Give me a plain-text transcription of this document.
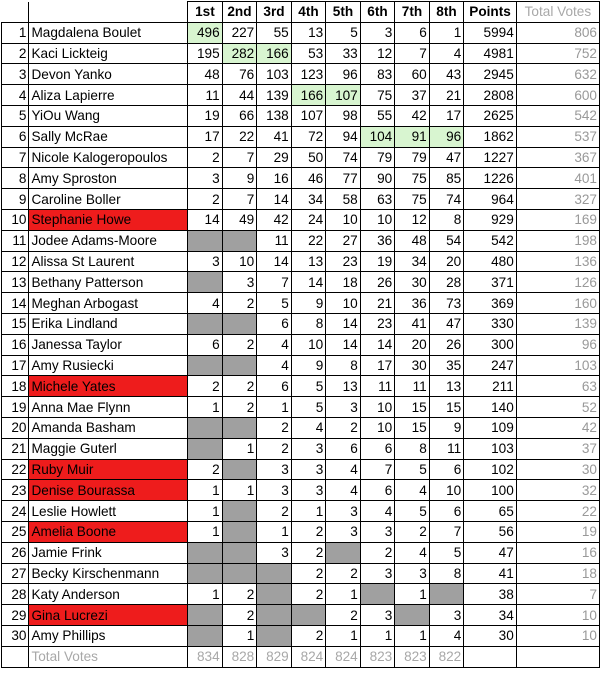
		1st	2nd	3rd	4th	5th	6th	7th	8th	Points	Total Votes
1	Magdalena Boulet	496	227	55	13	5	3	6	1	5994	806
2	Kaci Lickteig	195	282	166	53	33	12	7	4	4981	752
3	Devon Yanko	48	76	103	123	96	83	60	43	2945	632
4	Aliza Lapierre	11	44	139	166	107	75	37	21	2808	600
5	YiOu Wang	19	66	138	107	98	55	42	17	2625	542
6	Sally McRae	17	22	41	72	94	104	91	96	1862	537
7	Nicole Kalogeropoulos	2	7	29	50	74	79	79	47	1227	367
8	Amy Sproston	3	9	16	46	77	90	75	85	1226	401
9	Caroline Boller	2	7	14	34	58	63	75	74	964	327
10	Stephanie Howe	14	49	42	24	10	10	12	8	929	169
11	Jodee Adams-Moore			11	22	27	36	48	54	542	198
12	Alissa St Laurent	3	10	14	13	23	19	34	20	480	136
13	Bethany Patterson		3	7	14	18	26	30	28	371	126
14	Meghan Arbogast	4	2	5	9	10	21	36	73	369	160
15	Erika Lindland			6	8	14	23	41	47	330	139
16	Janessa Taylor	6	2	4	10	14	14	20	26	300	96
17	Amy Rusiecki			4	9	8	17	30	35	247	103
18	Michele Yates	2	2	6	5	13	11	11	13	211	63
19	Anna Mae Flynn	1	2	1	5	3	10	15	15	140	52
20	Amanda Basham			2	4	2	10	15	9	109	42
21	Maggie Guterl		1	2	3	6	6	8	11	103	37
22	Ruby Muir	2		3	3	4	7	5	6	102	30
23	Denise Bourassa	1	1	3	3	4	6	4	10	100	32
24	Leslie Howlett	1		2	1	3	4	5	6	65	22
25	Amelia Boone	1		1	2	3	3	2	7	56	19
26	Jamie Frink			3	2		2	4	5	47	16
27	Becky Kirschenmann				2	2	3	3	8	41	18
28	Katy Anderson	1	2		2	1		1		38	7
29	Gina Lucrezi		2			2	3		3	34	10
30	Amy Phillips		1		2	1	1	1	4	30	10
	Total Votes	834	828	829	824	824	823	823	822		
